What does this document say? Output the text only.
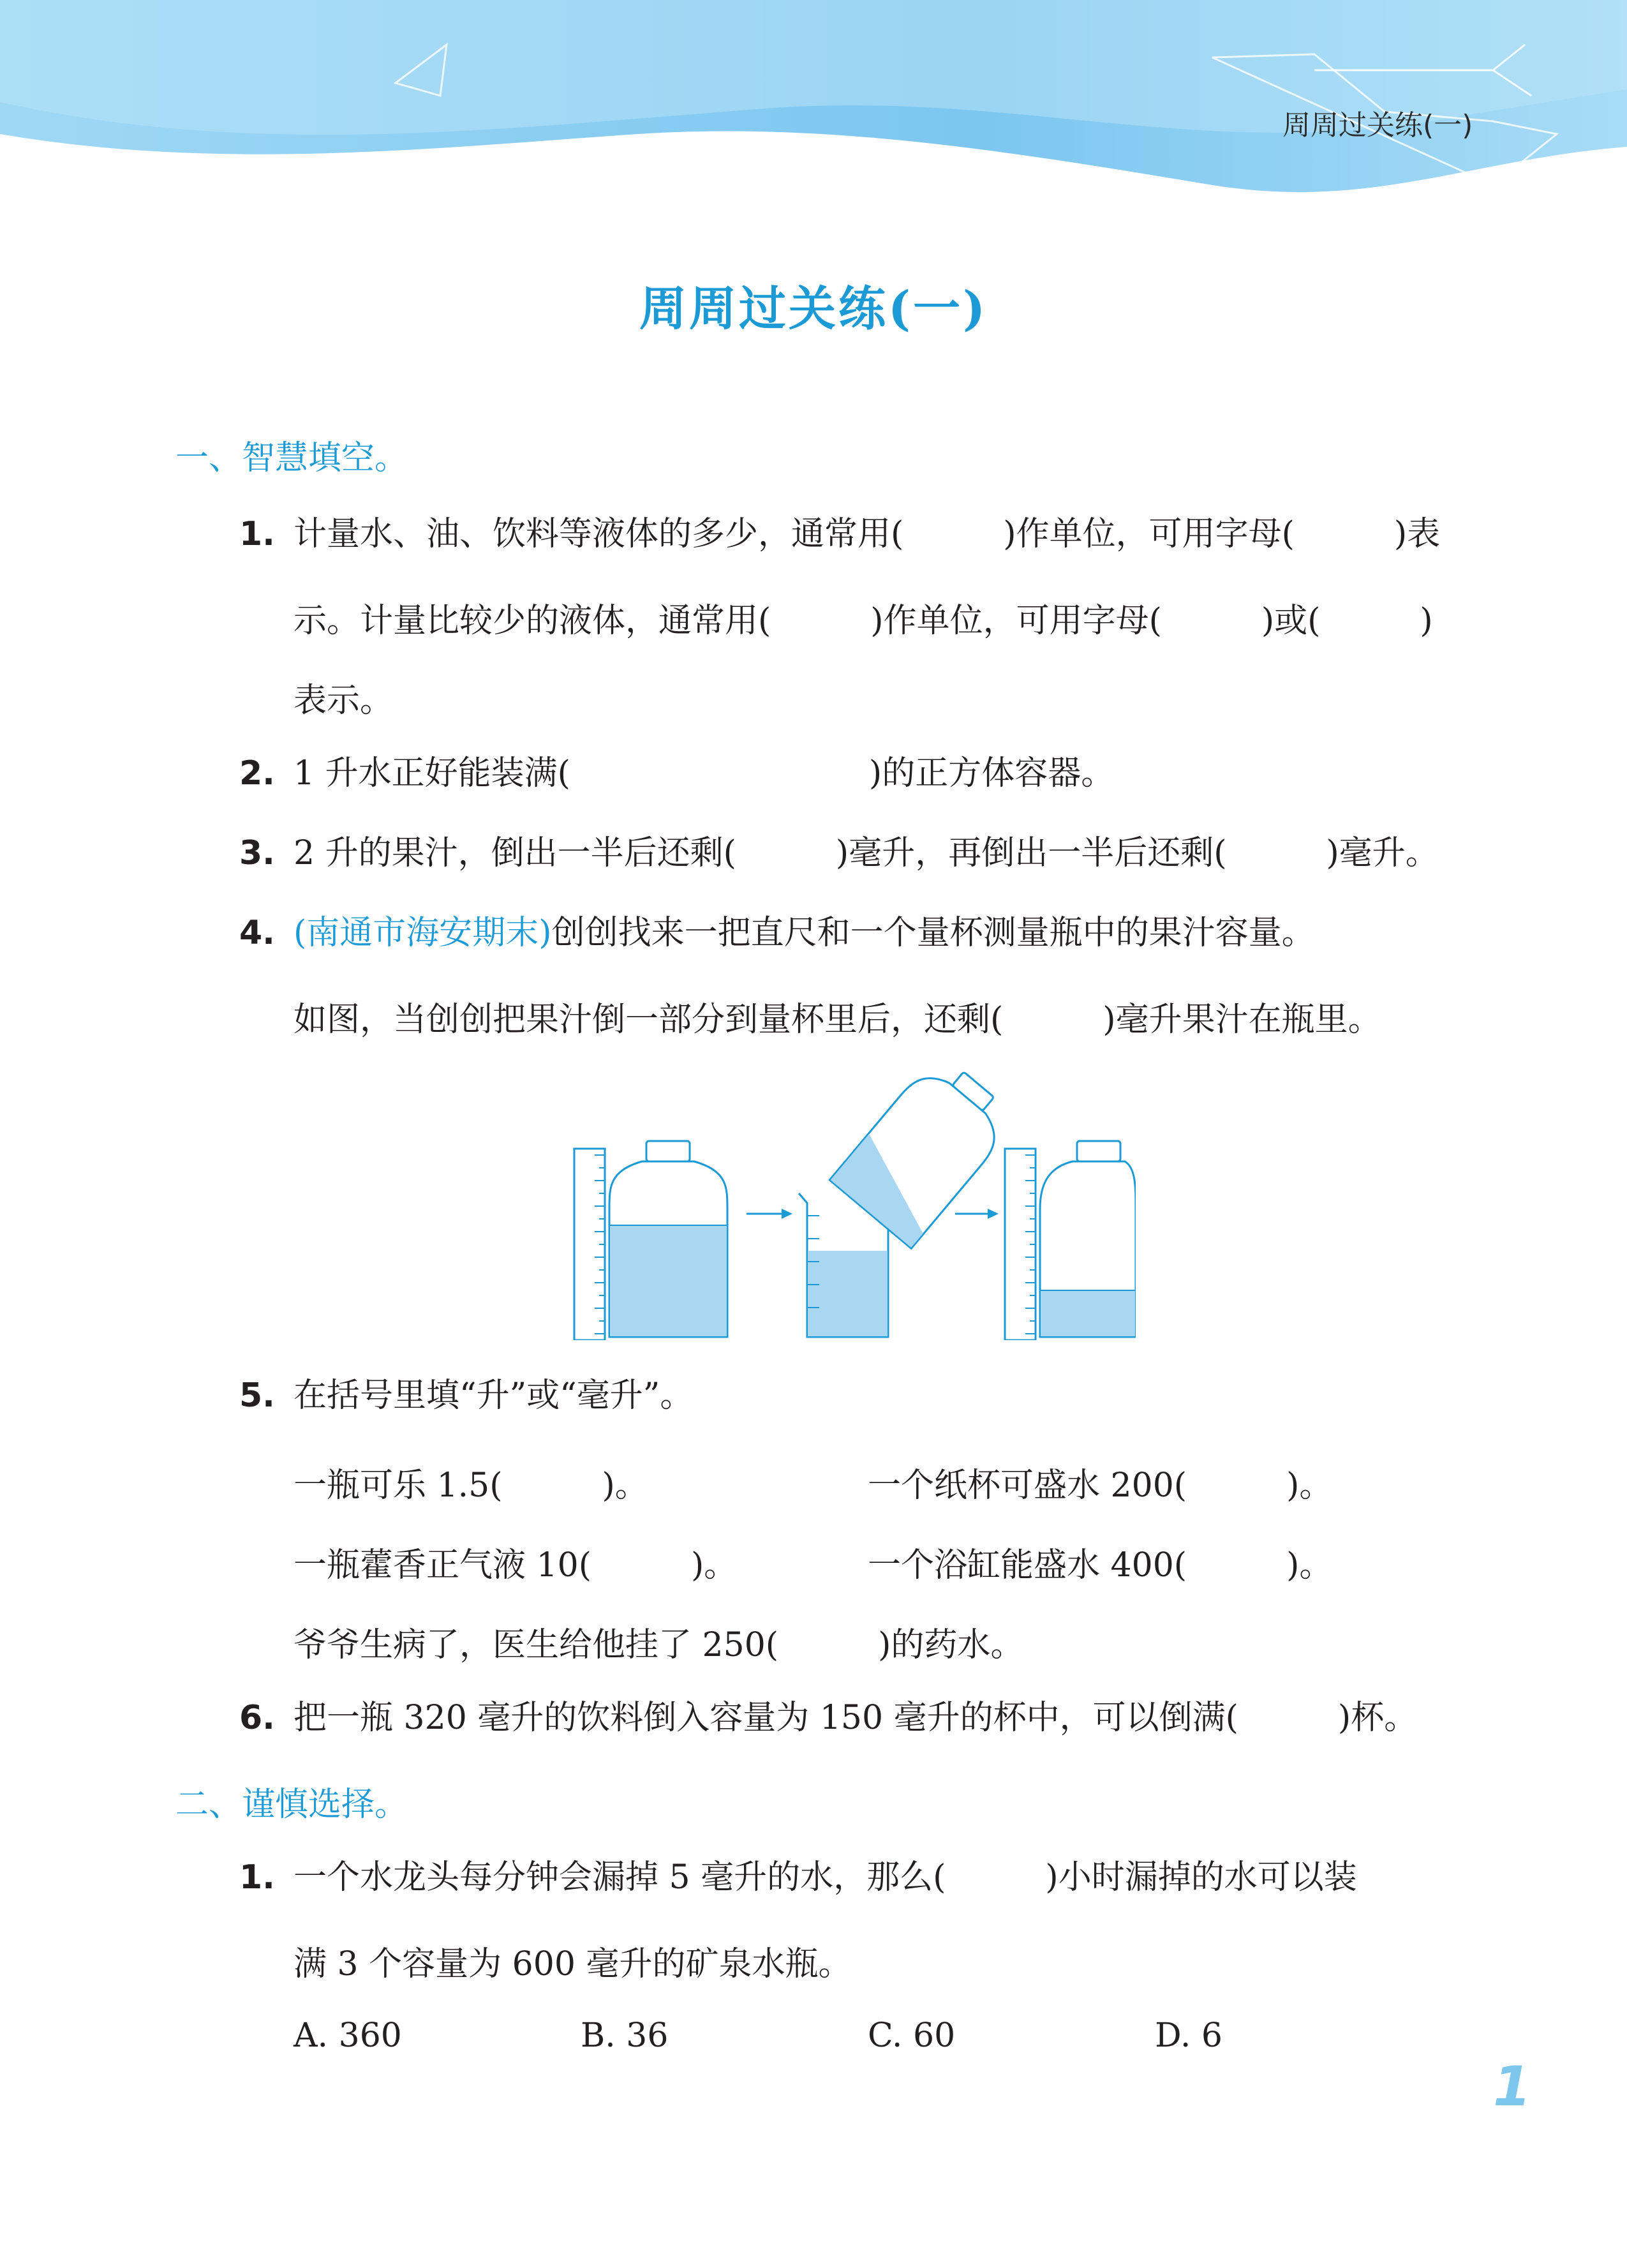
周周过关练(一)
周周过关练(一)
一、智慧填空。
1. 计量水、油、饮料等液体的多少，通常用(　　　)作单位，可用字母(　　　)表
示。计量比较少的液体，通常用(　　　)作单位，可用字母(　　　)或(　　　)
表示。
2. 1 升水正好能装满(　　　　　　　　　)的正方体容器。
3. 2 升的果汁，倒出一半后还剩(　　　)毫升，再倒出一半后还剩(　　　)毫升。
4. (南通市海安期末)创创找来一把直尺和一个量杯测量瓶中的果汁容量。
如图，当创创把果汁倒一部分到量杯里后，还剩(　　　)毫升果汁在瓶里。
5. 在括号里填“升”或“毫升”。
一瓶可乐 1.5(　　　)。	一个纸杯可盛水 200(　　　)。
一瓶藿香正气液 10(　　　)。	一个浴缸能盛水 400(　　　)。
爷爷生病了，医生给他挂了 250(　　　)的药水。
6. 把一瓶 320 毫升的饮料倒入容量为 150 毫升的杯中，可以倒满(　　　)杯。
二、谨慎选择。
1. 一个水龙头每分钟会漏掉 5 毫升的水，那么(　　　)小时漏掉的水可以装
满 3 个容量为 600 毫升的矿泉水瓶。
A. 360	B. 36	C. 60	D. 6
1
